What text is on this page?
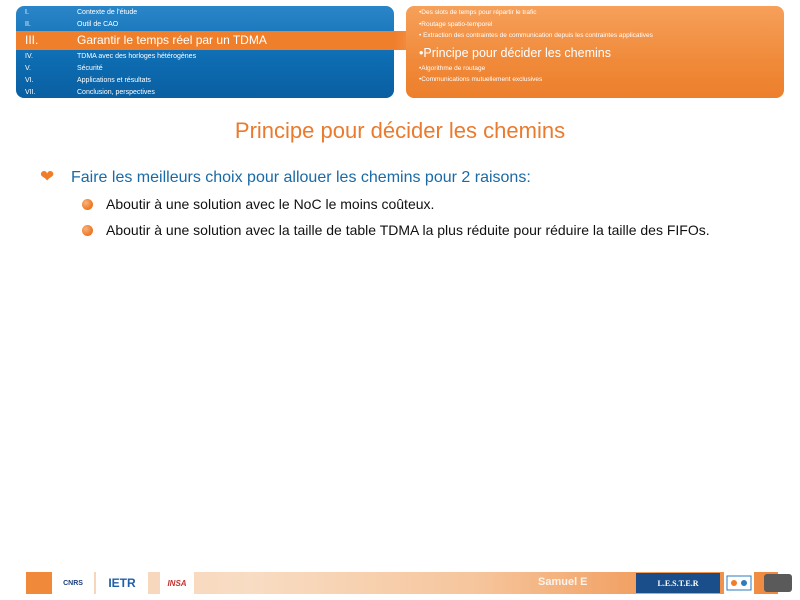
I.	Contexte de l'étude
II.	Outil de CAO
III.	Garantir le temps réel par un TDMA
IV.	TDMA avec des horloges hétérogènes
V.	Sécurité
VI.	Applications et résultats
VII.	Conclusion, perspectives
•Des slots de temps pour répartir le trafic
•Routage spatio-temporel
• Extraction des contraintes de communication depuis les contraintes applicatives
•Principe pour décider les chemins
•Algorithme de routage
•Communications mutuellement exclusives
Principe pour décider les chemins
❤ Faire les meilleurs choix pour allouer les chemins pour 2 raisons:
Aboutir à une solution avec le NoC le moins coûteux.
Aboutir à une solution avec la taille de table TDMA la plus réduite pour réduire la taille des FIFOs.
CNRS	IETR	INSA	Samuel E	L.E.S.T.E.R
